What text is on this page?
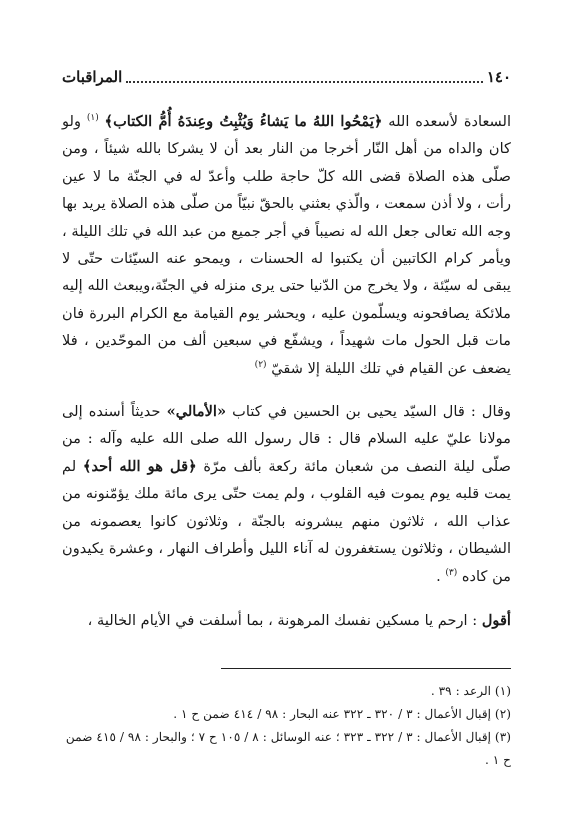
١٤٠
المراقبات

السعادة لأسعده الله ﴿يَمْحُوا اللهُ ما يَشاءُ وَيُثْبِتُ وعِندَهُ أُمُّ الكتاب﴾ $^{(١)}$ ولو كان والداه من أهل النّار أخرجا من النار بعد أن لا يشركا بالله شيئاً ، ومن صلّى هذه الصلاة قضى الله كلّ حاجة طلب وأعدّ له في الجنّة ما لا عين رأت ، ولا أذن سمعت ، والّذي بعثني بالحقّ نبيّاً من صلّى هذه الصلاة يريد بها وجه الله تعالى جعل الله له نصيباً في أجر جميع من عبد الله في تلك الليلة ، ويأمر كرام الكاتبين أن يكتبوا له الحسنات ، ويمحو عنه السيّئات حتّى لا يبقى له سيّئة ، ولا يخرج من الدّنيا حتى يرى منزله في الجنّة،ويبعث الله إليه ملائكة يصافحونه ويسلّمون عليه ، ويحشر يوم القيامة مع الكرام البررة فان مات قبل الحول مات شهيداً ، ويشفّع في سبعين ألف من الموحّدين ، فلا يضعف عن القيام في تلك الليلة إلا شقيّ $^{(٢)}$

وقال : قال السيّد يحيى بن الحسين في كتاب «الأمالي» حديثاً أسنده إلى مولانا عليّ عليه السلام قال : قال رسول الله صلى الله عليه وآله : من صلّى ليلة النصف من شعبان مائة ركعة بألف مرّة ﴿قل هو الله أحد﴾ لم يمت قلبه يوم يموت فيه القلوب ، ولم يمت حتّى يرى مائة ملك يؤمّنونه من عذاب الله ، ثلاثون منهم يبشرونه بالجنّة ، وثلاثون كانوا يعصمونه من الشيطان ، وثلاثون يستغفرون له آناء الليل وأطراف النهار ، وعشرة يكيدون من كاده $^{(٣)}$ .

أقول : ارحم يا مسكين نفسك المرهونة ، بما أسلفت في الأيام الخالية ،

(١) الرعد : ٣٩ .
(٢) إقبال الأعمال : ٣ / ٣٢٠ ـ ٣٢٢ عنه البحار : ٩٨ / ٤١٤ ضمن ح ١ .
(٣) إقبال الأعمال : ٣ / ٣٢٢ ـ ٣٢٣ ؛ عنه الوسائل : ٨ / ١٠٥ ح ٧ ؛ والبحار : ٩٨ / ٤١٥ ضمن ح ١ .
